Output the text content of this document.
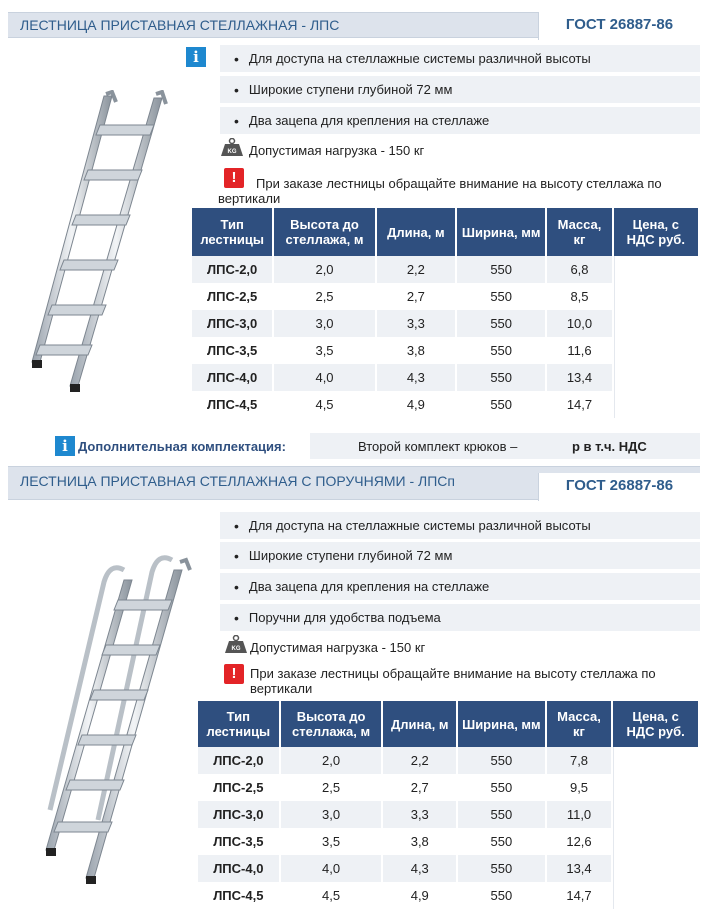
ЛЕСТНИЦА ПРИСТАВНАЯ СТЕЛЛАЖНАЯ - ЛПС	ГОСТ 26887-86
i	• Для доступа на стеллажные системы различной высоты
• Широкие ступени глубиной 72 мм
• Два зацепа для крепления на стеллаже
KG Допустимая нагрузка - 150 кг
!	При заказе лестницы обращайте внимание на высоту стеллажа по вертикали
Тип лестницы	Высота до стеллажа, м	Длина, м	Ширина, мм	Масса, кг	Цена, с НДС руб.
ЛПС-2,0	2,0	2,2	550	6,8	
ЛПС-2,5	2,5	2,7	550	8,5	
ЛПС-3,0	3,0	3,3	550	10,0	
ЛПС-3,5	3,5	3,8	550	11,6	
ЛПС-4,0	4,0	4,3	550	13,4	
ЛПС-4,5	4,5	4,9	550	14,7	
i Дополнительная комплектация:	Второй комплект крюков –	р в т.ч. НДС
ЛЕСТНИЦА ПРИСТАВНАЯ СТЕЛЛАЖНАЯ С ПОРУЧНЯМИ - ЛПСп	ГОСТ 26887-86
• Для доступа на стеллажные системы различной высоты
• Широкие ступени глубиной 72 мм
• Два зацепа для крепления на стеллаже
• Поручни для удобства подъема
KG Допустимая нагрузка - 150 кг
!	При заказе лестницы обращайте внимание на высоту стеллажа по вертикали
Тип лестницы	Высота до стеллажа, м	Длина, м	Ширина, мм	Масса, кг	Цена, с НДС руб.
ЛПС-2,0	2,0	2,2	550	7,8	
ЛПС-2,5	2,5	2,7	550	9,5	
ЛПС-3,0	3,0	3,3	550	11,0	
ЛПС-3,5	3,5	3,8	550	12,6	
ЛПС-4,0	4,0	4,3	550	13,4	
ЛПС-4,5	4,5	4,9	550	14,7	
